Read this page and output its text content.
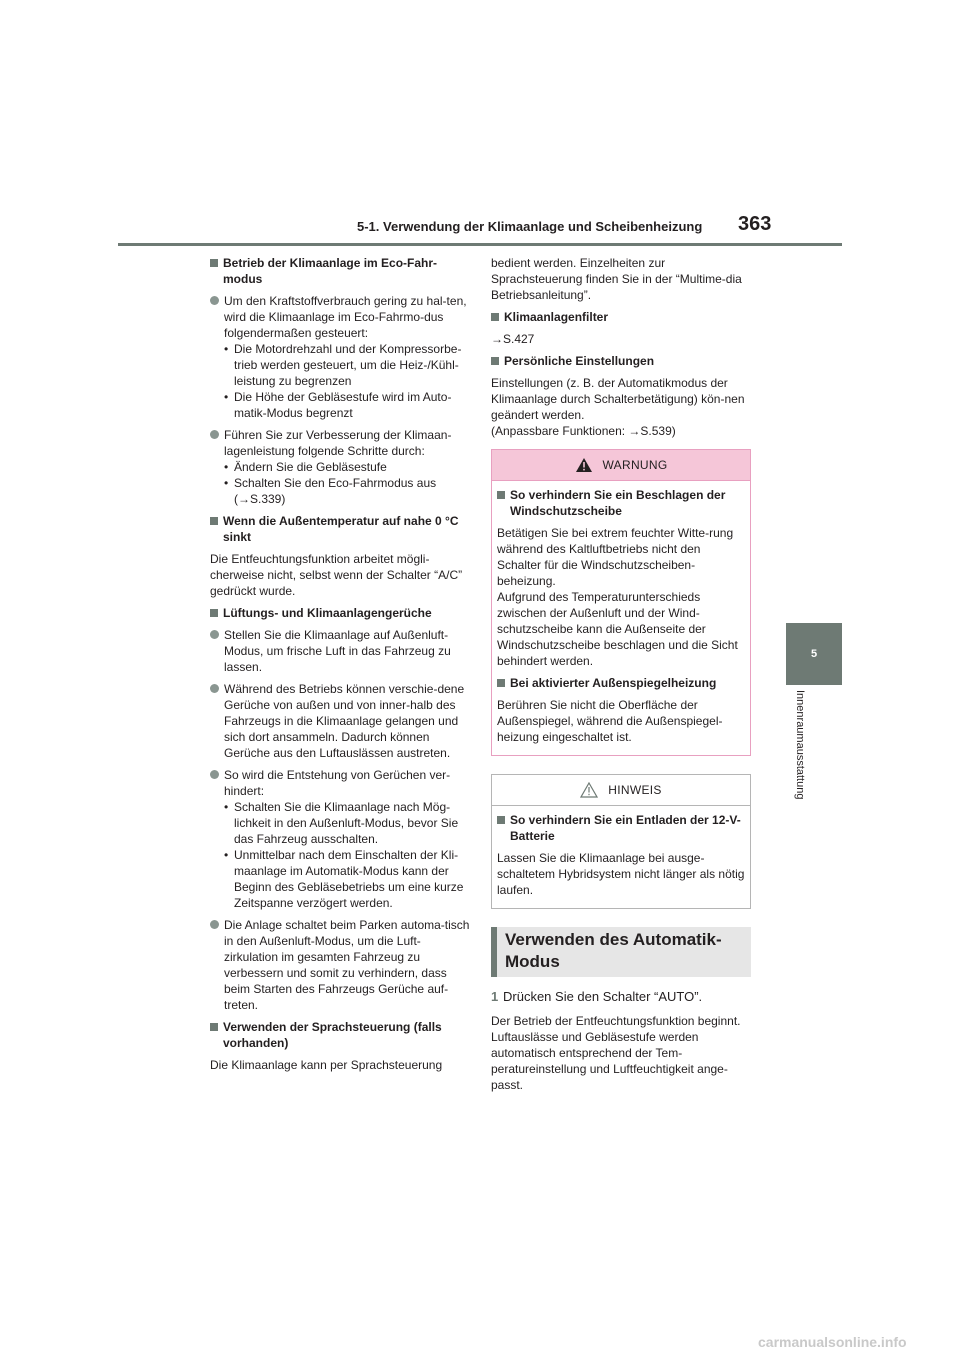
5-1. Verwendung der Klimaanlage und Scheibenheizung 363
5
Innenraumausstattung
Betrieb der Klimaanlage im Eco-Fahr-modus
Um den Kraftstoffverbrauch gering zu hal-ten, wird die Klimaanlage im Eco-Fahrmo-dus folgendermaßen gesteuert:
• Die Motordrehzahl und der Kompressorbe-trieb werden gesteuert, um die Heiz-/Kühl-leistung zu begrenzen
• Die Höhe der Gebläsestufe wird im Auto-matik-Modus begrenzt
Führen Sie zur Verbesserung der Klimaan-lagenleistung folgende Schritte durch:
• Ändern Sie die Gebläsestufe
• Schalten Sie den Eco-Fahrmodus aus (→S.339)
Wenn die Außentemperatur auf nahe 0 °C sinkt
Die Entfeuchtungsfunktion arbeitet mögli-cherweise nicht, selbst wenn der Schalter “A/C” gedrückt wurde.
Lüftungs- und Klimaanlagengerüche
Stellen Sie die Klimaanlage auf Außenluft-Modus, um frische Luft in das Fahrzeug zu lassen.
Während des Betriebs können verschie-dene Gerüche von außen und von inner-halb des Fahrzeugs in die Klimaanlage gelangen und sich dort ansammeln. Dadurch können Gerüche aus den Luftauslässen austreten.
So wird die Entstehung von Gerüchen ver-hindert:
• Schalten Sie die Klimaanlage nach Mög-lichkeit in den Außenluft-Modus, bevor Sie das Fahrzeug ausschalten.
• Unmittelbar nach dem Einschalten der Kli-maanlage im Automatik-Modus kann der Beginn des Gebläsebetriebs um eine kurze Zeitspanne verzögert werden.
Die Anlage schaltet beim Parken automa-tisch in den Außenluft-Modus, um die Luft-zirkulation im gesamten Fahrzeug zu verbessern und somit zu verhindern, dass beim Starten des Fahrzeugs Gerüche auf-treten.
Verwenden der Sprachsteuerung (falls vorhanden)
Die Klimaanlage kann per Sprachsteuerung
bedient werden. Einzelheiten zur Sprachsteuerung finden Sie in der “Multime-dia Betriebsanleitung”.
Klimaanlagenfilter
→S.427
Persönliche Einstellungen
Einstellungen (z. B. der Automatikmodus der Klimaanlage durch Schalterbetätigung) kön-nen geändert werden.
(Anpassbare Funktionen: →S.539)
WARNUNG
So verhindern Sie ein Beschlagen der Windschutzscheibe
Betätigen Sie bei extrem feuchter Witte-rung während des Kaltluftbetriebs nicht den Schalter für die Windschutzscheiben-beheizung.
Aufgrund des Temperaturunterschieds zwischen der Außenluft und der Wind-schutzscheibe kann die Außenseite der Windschutzscheibe beschlagen und die Sicht behindert werden.
Bei aktivierter Außenspiegelheizung
Berühren Sie nicht die Oberfläche der Außenspiegel, während die Außenspiegel-heizung eingeschaltet ist.
HINWEIS
So verhindern Sie ein Entladen der 12-V-Batterie
Lassen Sie die Klimaanlage bei ausge-schaltetem Hybridsystem nicht länger als nötig laufen.
Verwenden des Automatik-Modus
1 Drücken Sie den Schalter “AUTO”.
Der Betrieb der Entfeuchtungsfunktion beginnt. Luftauslässe und Gebläsestufe werden automatisch entsprechend der Tem-peratureinstellung und Luftfeuchtigkeit ange-passt.
carmanualsonline.info
